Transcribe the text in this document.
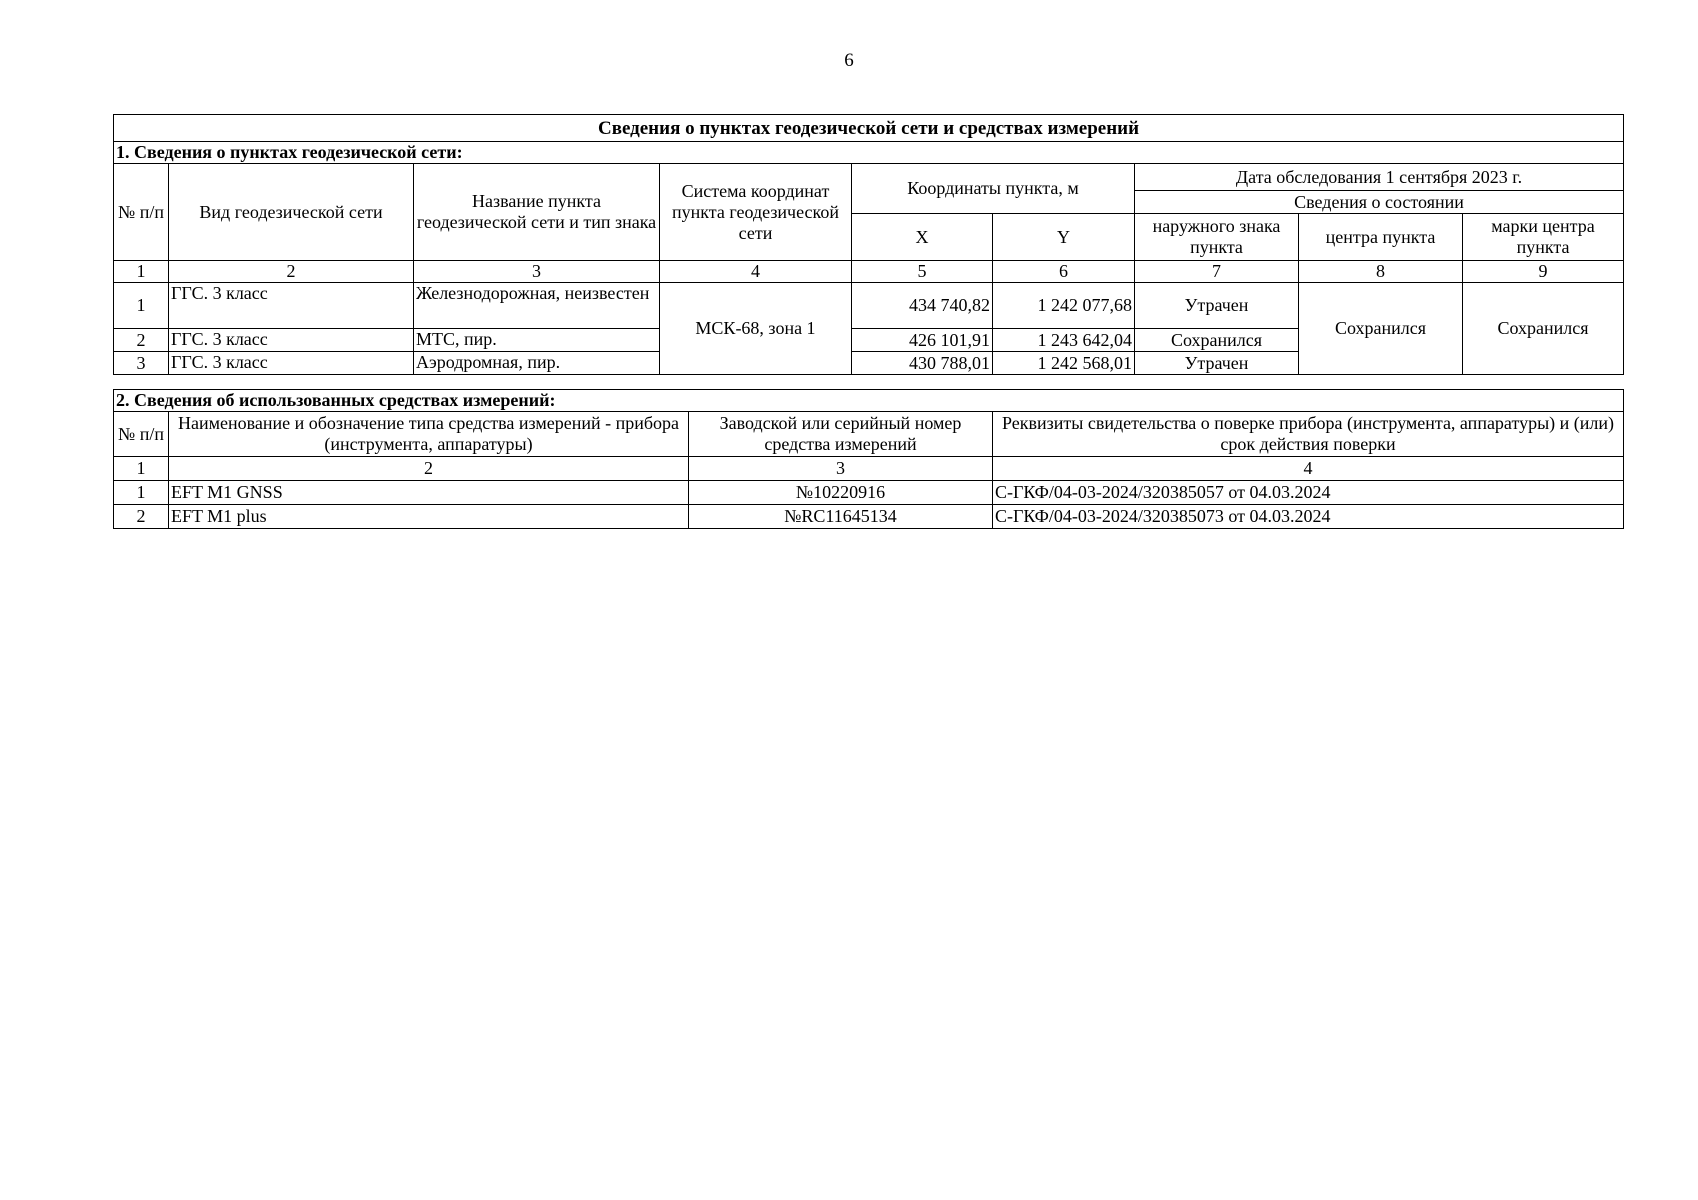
6
Сведения о пунктах геодезической сети и средствах измерений								
1. Сведения о пунктах геодезической сети:								
№ п/п	Вид геодезической сети	Название пункта геодезической сети и тип знака	Система координат пункта геодезической сети	Координаты пункта, м		Дата обследования 1 сентября 2023 г.		
						Сведения о состоянии		
				X	Y	наружного знака пункта	центра пункта	марки центра пункта
1	2	3	4	5	6	7	8	9
1	ГГС. 3 класс	Железнодорожная, неизвестен	МСК-68, зона 1	434 740,82	1 242 077,68	Утрачен	Сохранился	Сохранился
2	ГГС. 3 класс	МТС, пир.		426 101,91	1 243 642,04	Сохранился		
3	ГГС. 3 класс	Аэродромная, пир.		430 788,01	1 242 568,01	Утрачен		
2. Сведения об использованных средствах измерений:			
№ п/п	Наименование и обозначение типа средства измерений - прибора (инструмента, аппаратуры)	Заводской или серийный номер средства измерений	Реквизиты свидетельства о поверке прибора (инструмента, аппаратуры) и (или) срок действия поверки
1	2	3	4
1	EFT M1 GNSS	№10220916	С-ГКФ/04-03-2024/320385057 от 04.03.2024
2	EFT M1 plus	№RC11645134	С-ГКФ/04-03-2024/320385073 от 04.03.2024
